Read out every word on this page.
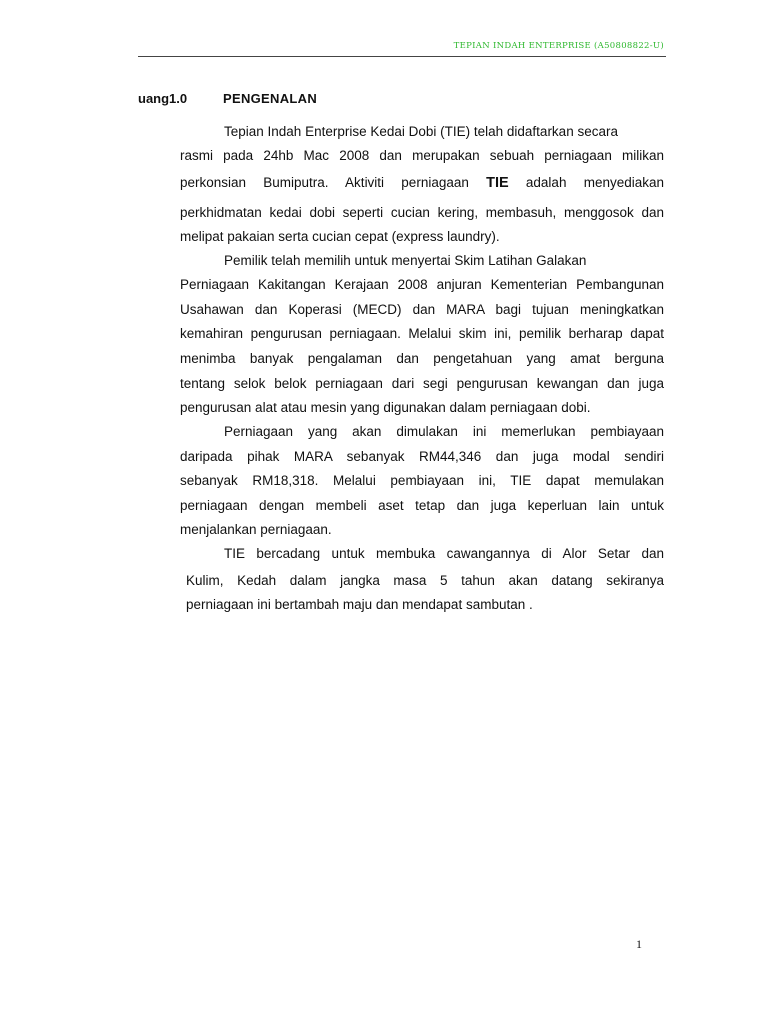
TEPIAN INDAH ENTERPRISE (A50808822-U)
uang1.0	PENGENALAN
Tepian Indah Enterprise Kedai Dobi (TIE) telah didaftarkan secara
rasmi pada 24hb Mac 2008 dan merupakan sebuah perniagaan milikan
perkonsian Bumiputra. Aktiviti perniagaan TIE adalah menyediakan
perkhidmatan kedai dobi seperti cucian kering, membasuh, menggosok dan
melipat pakaian serta cucian cepat (express laundry).
Pemilik telah memilih untuk menyertai Skim Latihan Galakan
Perniagaan Kakitangan Kerajaan 2008 anjuran Kementerian Pembangunan
Usahawan dan Koperasi (MECD) dan MARA bagi tujuan meningkatkan
kemahiran pengurusan perniagaan. Melalui skim ini, pemilik berharap dapat
menimba banyak pengalaman dan pengetahuan yang amat berguna
tentang selok belok perniagaan dari segi pengurusan kewangan dan juga
pengurusan alat atau mesin yang digunakan dalam perniagaan dobi.
Perniagaan yang akan dimulakan ini memerlukan pembiayaan
daripada pihak MARA sebanyak RM44,346 dan juga modal sendiri
sebanyak RM18,318. Melalui pembiayaan ini, TIE dapat memulakan
perniagaan dengan membeli aset tetap dan juga keperluan lain untuk
menjalankan perniagaan.
TIE bercadang untuk membuka cawangannya di Alor Setar dan
Kulim, Kedah dalam jangka masa 5 tahun akan datang sekiranya
perniagaan ini bertambah maju dan mendapat sambutan .
1
